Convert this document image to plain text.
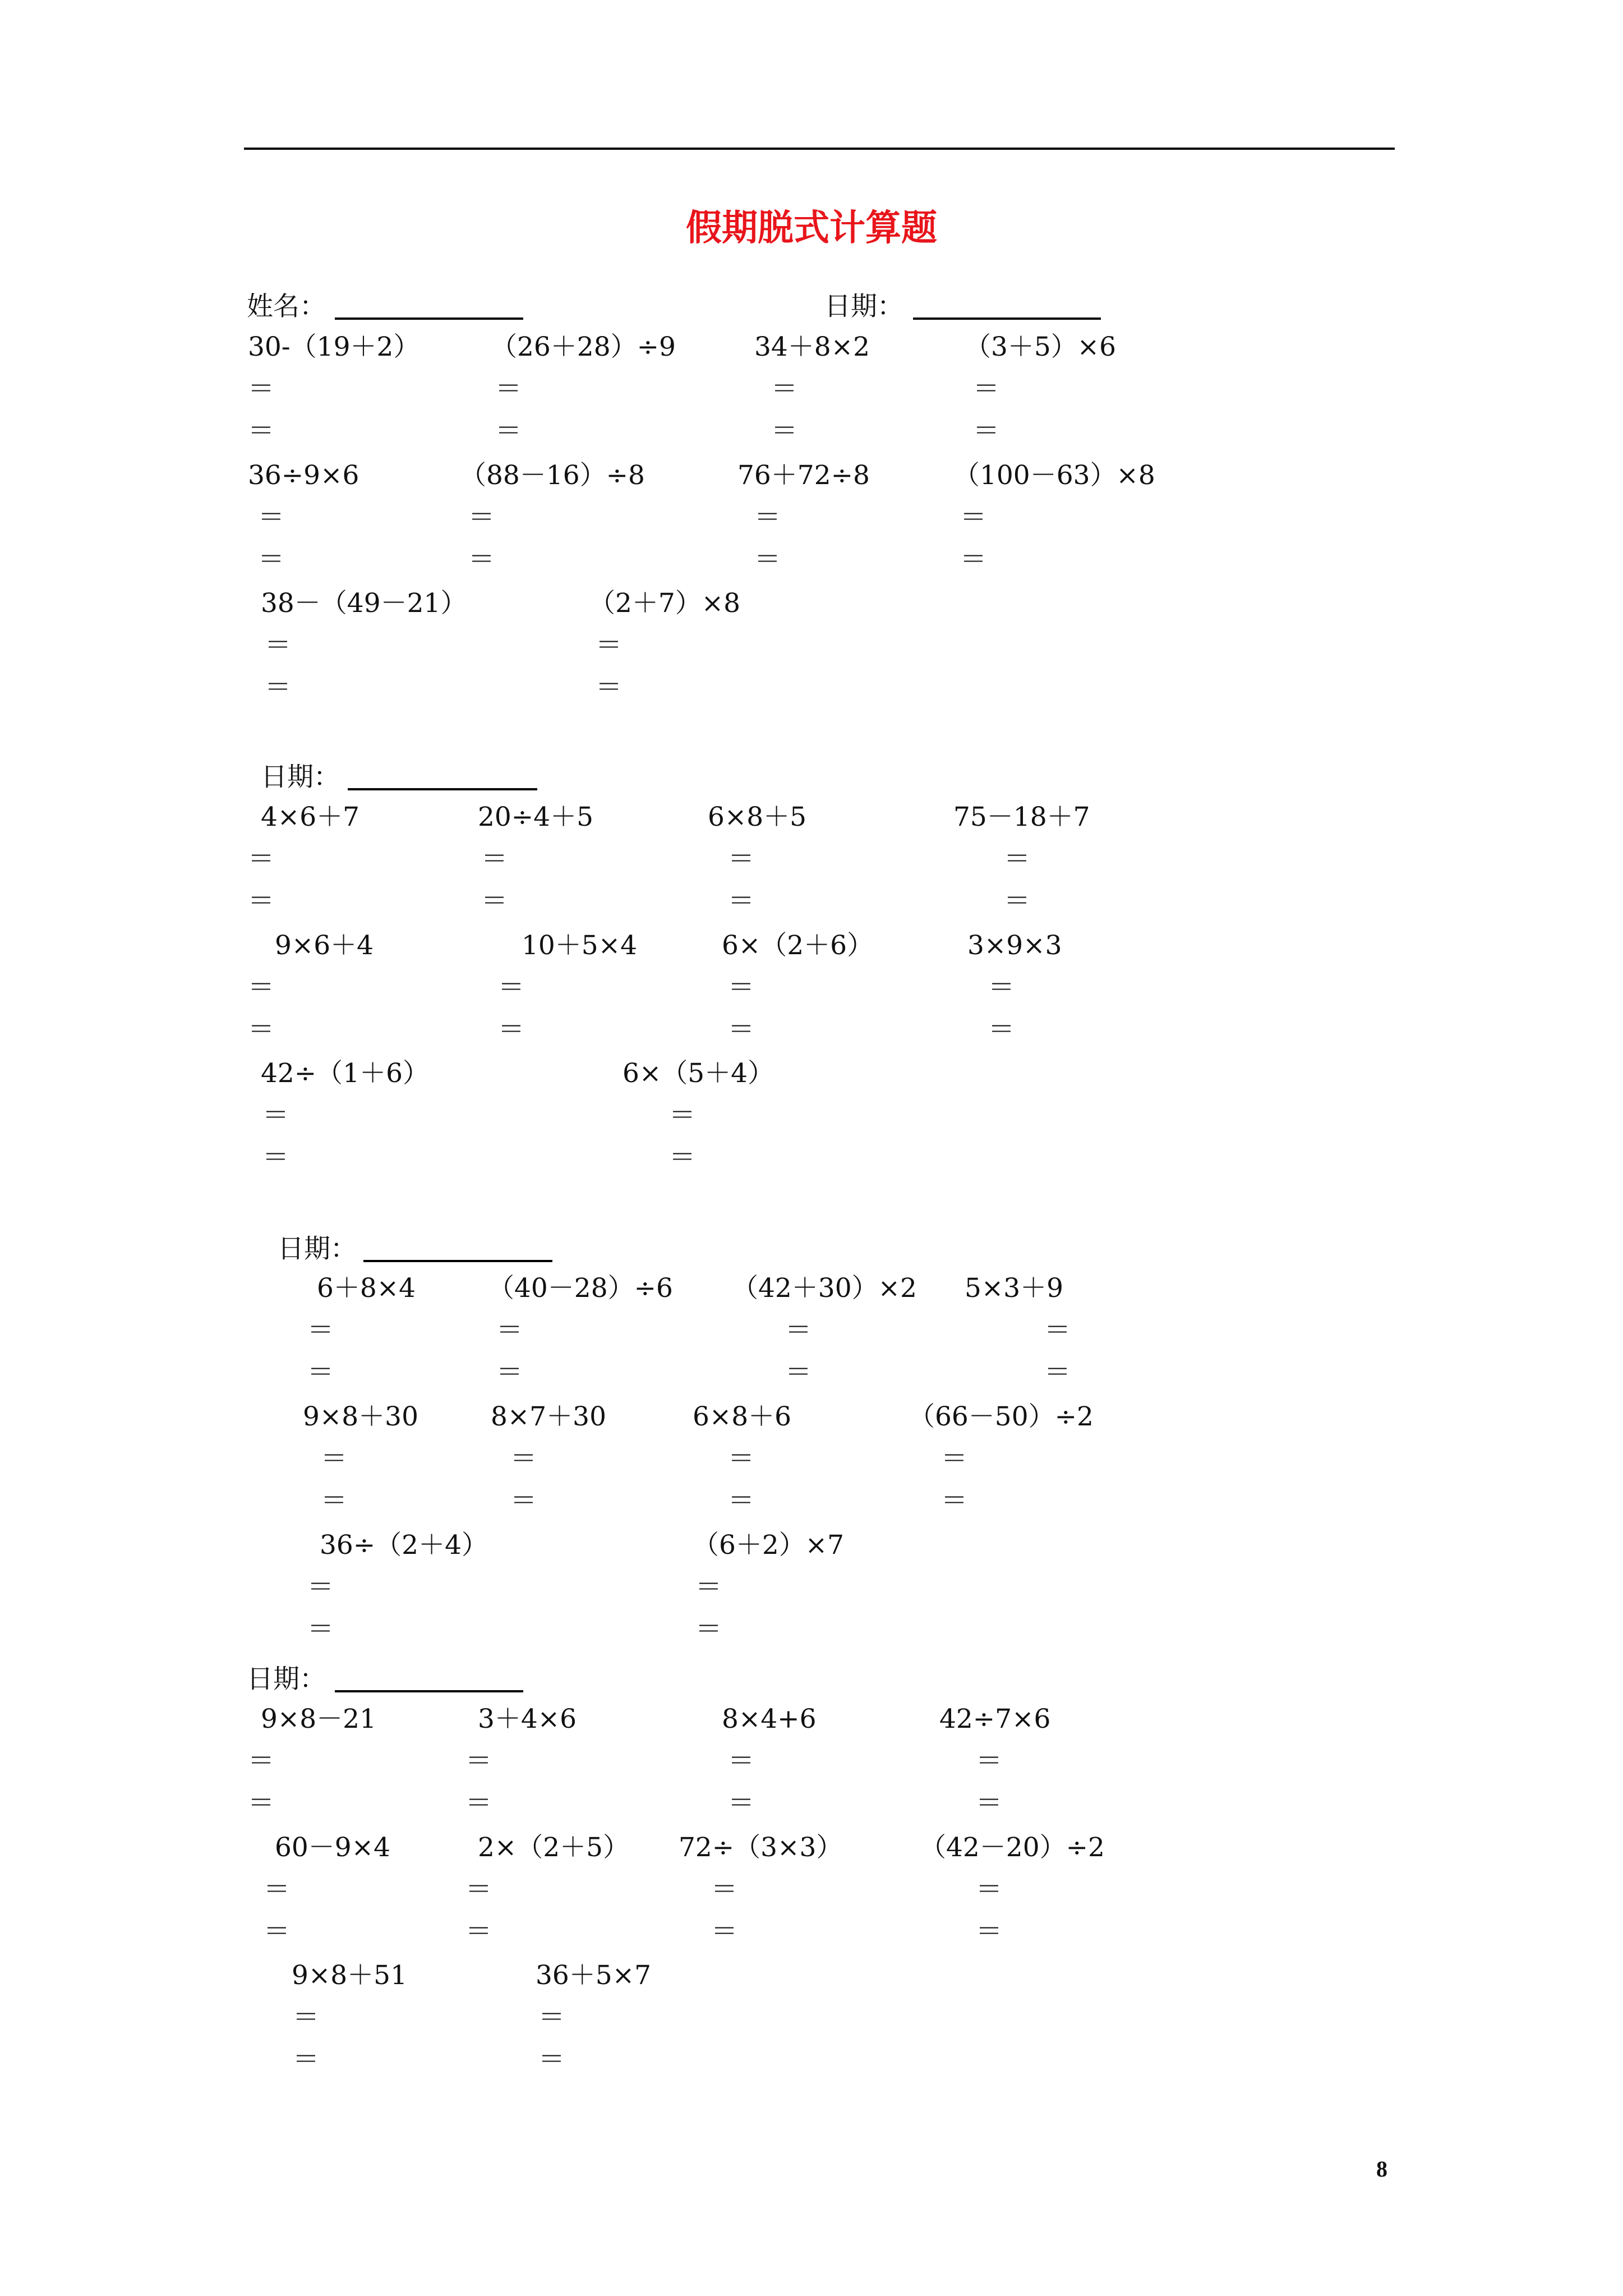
假期脱式计算题
姓名：	日期：
日期：
日期：
日期：
30-（19＋2）
＝
＝
（26＋28）÷9
＝
＝
34＋8×2
＝
＝
（3＋5）×6
＝
＝
36÷9×6
＝
＝
（88－16）÷8
＝
＝
76＋72÷8
＝
＝
（100－63）×8
＝
＝
38－（49－21）
＝
＝
（2＋7）×8
＝
＝
4×6＋7
＝
＝
20÷4＋5
＝
＝
6×8＋5
＝
＝
75－18＋7
＝
＝
9×6＋4
＝
＝
10＋5×4
＝
＝
6×（2＋6）
＝
＝
3×9×3
＝
＝
42÷（1＋6）
＝
＝
6×（5＋4）
＝
＝
6＋8×4
＝
＝
（40－28）÷6
＝
＝
（42＋30）×2
＝
＝
5×3＋9
＝
＝
9×8＋30
＝
＝
8×7＋30
＝
＝
6×8＋6
＝
＝
（66－50）÷2
＝
＝
36÷（2＋4）
＝
＝
（6＋2）×7
＝
＝
9×8－21
＝
＝
3＋4×6
＝
＝
8×4+6
＝
＝
42÷7×6
＝
＝
60－9×4
＝
＝
2×（2＋5）
＝
＝
72÷（3×3）
＝
＝
（42－20）÷2
＝
＝
9×8＋51
＝
＝
36＋5×7
＝
＝
8
